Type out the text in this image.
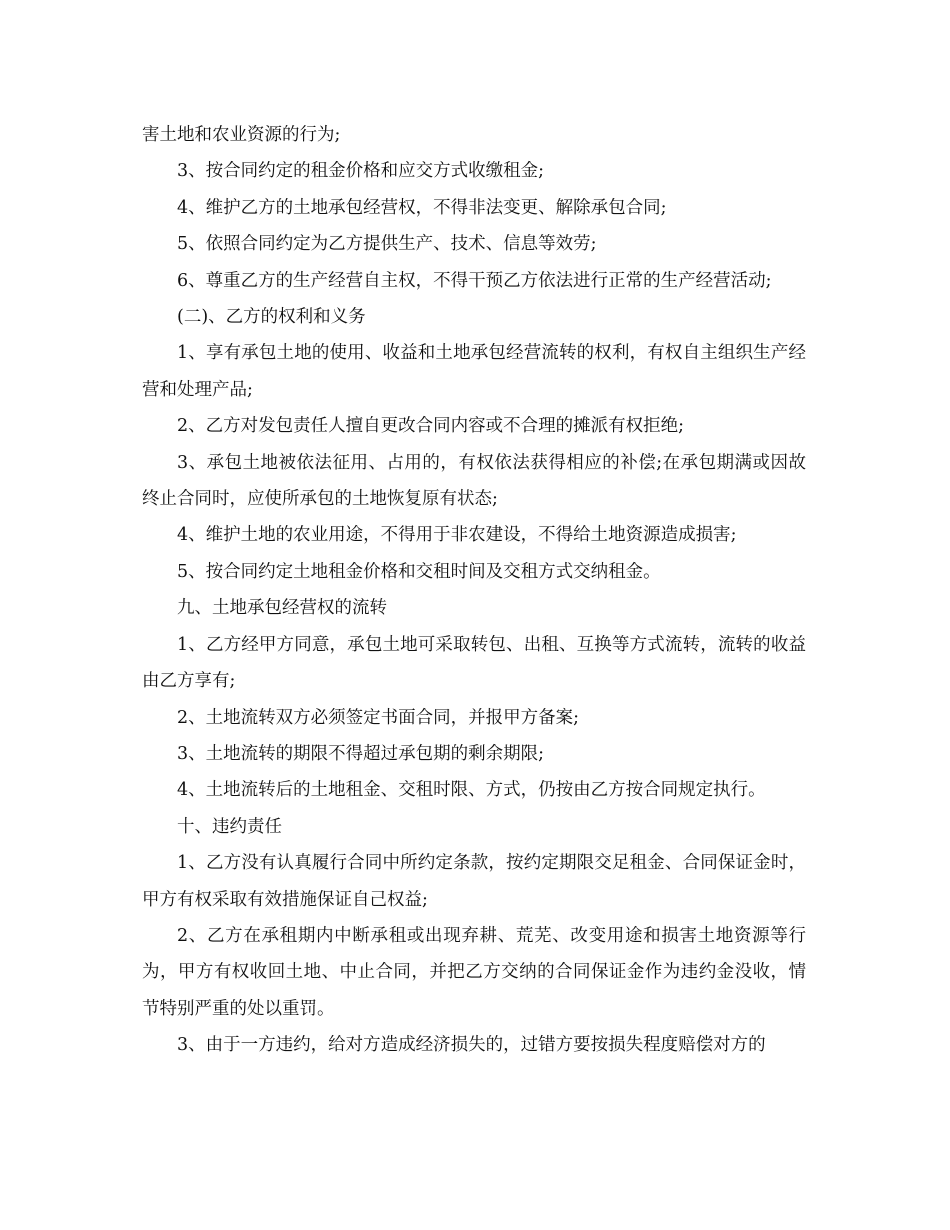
害土地和农业资源的行为;

3、按合同约定的租金价格和应交方式收缴租金;

4、维护乙方的土地承包经营权，不得非法变更、解除承包合同;

5、依照合同约定为乙方提供生产、技术、信息等效劳;

6、尊重乙方的生产经营自主权，不得干预乙方依法进行正常的生产经营活动;

(二)、乙方的权利和义务

1、享有承包土地的使用、收益和土地承包经营流转的权利，有权自主组织生产经营和处理产品;

2、乙方对发包责任人擅自更改合同内容或不合理的摊派有权拒绝;

3、承包土地被依法征用、占用的，有权依法获得相应的补偿;在承包期满或因故终止合同时，应使所承包的土地恢复原有状态;

4、维护土地的农业用途，不得用于非农建设，不得给土地资源造成损害;

5、按合同约定土地租金价格和交租时间及交租方式交纳租金。

九、土地承包经营权的流转

1、乙方经甲方同意，承包土地可采取转包、出租、互换等方式流转，流转的收益由乙方享有;

2、土地流转双方必须签定书面合同，并报甲方备案;

3、土地流转的期限不得超过承包期的剩余期限;

4、土地流转后的土地租金、交租时限、方式，仍按由乙方按合同规定执行。

十、违约责任

1、乙方没有认真履行合同中所约定条款，按约定期限交足租金、合同保证金时，甲方有权采取有效措施保证自己权益;

2、乙方在承租期内中断承租或出现弃耕、荒芜、改变用途和损害土地资源等行为，甲方有权收回土地、中止合同，并把乙方交纳的合同保证金作为违约金没收，情节特别严重的处以重罚。

3、由于一方违约，给对方造成经济损失的，过错方要按损失程度赔偿对方的
